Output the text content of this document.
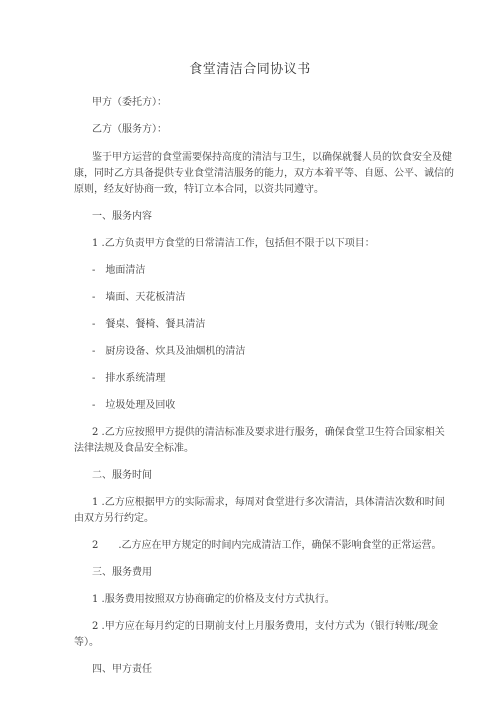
食堂清洁合同协议书
甲方（委托方）：
乙方（服务方）：
鉴于甲方运营的食堂需要保持高度的清洁与卫生，以确保就餐人员的饮食安全及健
康，同时乙方具备提供专业食堂清洁服务的能力，双方本着平等、自愿、公平、诚信的
原则，经友好协商一致，特订立本合同，以资共同遵守。
一、服务内容
1 .乙方负责甲方食堂的日常清洁工作，包括但不限于以下项目：
-　地面清洁
-　墙面、天花板清洁
-　餐桌、餐椅、餐具清洁
-　厨房设备、炊具及油烟机的清洁
-　排水系统清理
-　垃圾处理及回收
2 .乙方应按照甲方提供的清洁标准及要求进行服务，确保食堂卫生符合国家相关
法律法规及食品安全标准。
二、服务时间
1 .乙方应根据甲方的实际需求，每周对食堂进行多次清洁，具体清洁次数和时间
由双方另行约定。
2　　.乙方应在甲方规定的时间内完成清洁工作，确保不影响食堂的正常运营。
三、服务费用
1 .服务费用按照双方协商确定的价格及支付方式执行。
2 .甲方应在每月约定的日期前支付上月服务费用，支付方式为（银行转账/现金
等）。
四、甲方责任
